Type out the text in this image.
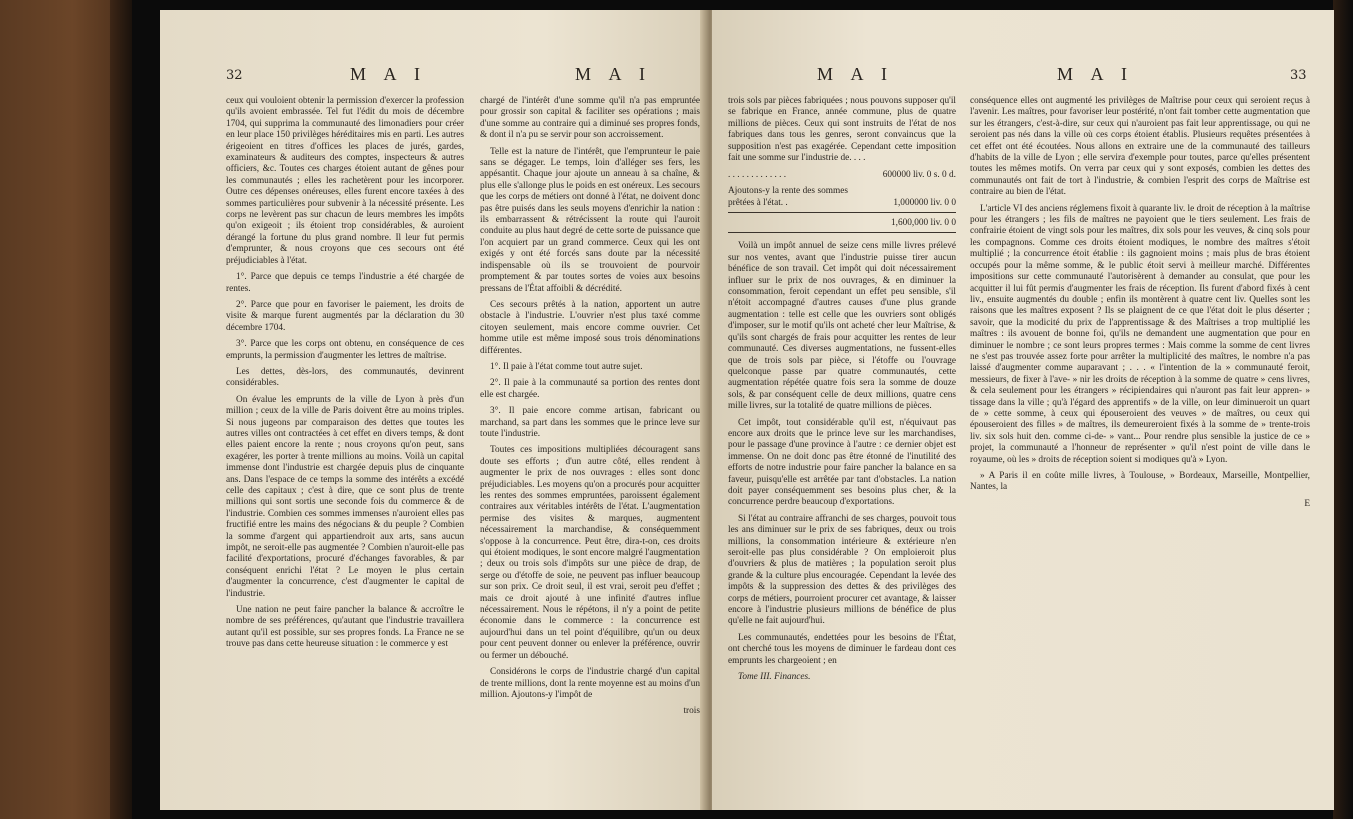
32	M A I	M A I

ceux qui vouloient obtenir la permission d'exercer la profession qu'ils avoient embrassée. Tel fut l'édit du mois de décembre 1704, qui supprima la communauté des limonadiers pour créer en leur place 150 privilèges héréditaires mis en parti. Les autres érigeoient en titres d'offices les places de jurés, gardes, examinateurs & auditeurs des comptes, inspecteurs & autres officiers, &c. Toutes ces charges étoient autant de gênes pour les communautés ; elles les rachetèrent pour les incorporer. Outre ces dépenses onéreuses, elles furent encore taxées à des sommes particulières pour subvenir à la nécessité présente. Les corps ne levèrent pas sur chacun de leurs membres les impôts qu'on exigeoit ; ils étoient trop considérables, & auroient dérangé la fortune du plus grand nombre. Il leur fut permis d'emprunter, & nous croyons que ces secours ont été préjudiciables à l'état.

1°. Parce que depuis ce temps l'industrie a été chargée de rentes.

2°. Parce que pour en favoriser le paiement, les droits de visite & marque furent augmentés par la déclaration du 30 décembre 1704.

3°. Parce que les corps ont obtenu, en conséquence de ces emprunts, la permission d'augmenter les lettres de maîtrise.

Les dettes, dès-lors, des communautés, devinrent considérables.

On évalue les emprunts de la ville de Lyon à près d'un million ; ceux de la ville de Paris doivent être au moins triples. Si nous jugeons par comparaison des dettes que toutes les autres villes ont contractées à cet effet en divers temps, & dont elles paient encore la rente ; nous croyons qu'on peut, sans exagérer, les porter à trente millions au moins. Voilà un capital immense dont l'industrie est chargée depuis plus de cinquante ans. Dans l'espace de ce temps la somme des intérêts a excédé celle des capitaux ; c'est à dire, que ce sont plus de trente millions qui sont sortis une seconde fois du commerce & de l'industrie. Combien ces sommes immenses n'auroient elles pas fructifié entre les mains des négocians & du peuple ? Combien la somme d'argent qui appartiendroit aux arts, sans aucun impôt, ne seroit-elle pas augmentée ? Combien n'auroit-elle pas facilité d'exportations, procuré d'échanges favorables, & par conséquent enrichi l'état ? Le moyen le plus certain d'augmenter la concurrence, c'est d'augmenter le capital de l'industrie.

Une nation ne peut faire pancher la balance & accroître le nombre de ses préférences, qu'autant que l'industrie travaillera autant qu'il est possible, sur ses propres fonds. La France ne se trouve pas dans cette heureuse situation : le commerce y est

chargé de l'intérêt d'une somme qu'il n'a pas empruntée pour grossir son capital & faciliter ses opérations ; mais d'une somme au contraire qui a diminué ses propres fonds, & dont il n'a pu se servir pour son accroissement.

Telle est la nature de l'intérêt, que l'emprunteur le paie sans se dégager. Le temps, loin d'alléger ses fers, les appésantit. Chaque jour ajoute un anneau à sa chaîne, & plus elle s'allonge plus le poids en est onéreux. Les secours que les corps de métiers ont donné à l'état, ne doivent donc pas être puisés dans les seuls moyens d'enrichir la nation : ils embarrassent & rétrécissent la route qui l'auroit conduite au plus haut degré de cette sorte de puissance que l'on acquiert par un grand commerce. Ceux qui les ont exigés y ont été forcés sans doute par la nécessité indispensable où ils se trouvoient de pourvoir promptement & par toutes sortes de voies aux besoins pressans de l'État affoibli & décrédité.

Ces secours prêtés à la nation, apportent un autre obstacle à l'industrie. L'ouvrier n'est plus taxé comme citoyen seulement, mais encore comme ouvrier. Cet homme utile est même imposé sous trois dénominations différentes.

1°. Il paie à l'état comme tout autre sujet.

2°. Il paie à la communauté sa portion des rentes dont elle est chargée.

3°. Il paie encore comme artisan, fabricant ou marchand, sa part dans les sommes que le prince leve sur toute l'industrie.

Toutes ces impositions multipliées découragent sans doute ses efforts ; d'un autre côté, elles rendent à augmenter le prix de nos ouvrages : elles sont donc préjudiciables. Les moyens qu'on a procurés pour acquitter les rentes des sommes empruntées, paroissent également contraires aux véritables intérêts de l'état. L'augmentation permise des visites & marques, augmentent nécessairement la marchandise, & conséquemment s'oppose à la concurrence. Peut être, dira-t-on, ces droits qui étoient modiques, le sont encore malgré l'augmentation ; deux ou trois sols d'impôts sur une pièce de drap, de serge ou d'étoffe de soie, ne peuvent pas influer beaucoup sur son prix. Ce droit seul, il est vrai, seroit peu d'effet ; mais ce droit ajouté à une infinité d'autres influe nécessairement. Nous le répétons, il n'y a point de petite économie dans le commerce : la concurrence est aujourd'hui dans un tel point d'équilibre, qu'un ou deux pour cent peuvent donner ou enlever la préférence, ouvrir ou fermer un débouché.

Considérons le corps de l'industrie chargé d'un capital de trente millions, dont la rente moyenne est au moins d'un million. Ajoutons-y l'impôt de

trois
M A I	M A I	33

trois sols par pièces fabriquées ; nous pouvons supposer qu'il se fabrique en France, année commune, plus de quatre millions de pièces. Ceux qui sont instruits de l'état de nos fabriques dans tous les genres, seront convaincus que la supposition n'est pas exagérée. Cependant cette imposition fait une somme sur l'industrie de. . . .

. . . . . . . . . . . . .	600000 liv. 0 s. 0 d.
Ajoutons-y la rente des sommes prêtées à l'état. .	1,000000 liv. 0 0
1,600,000 liv. 0 0

Voilà un impôt annuel de seize cens mille livres prélevé sur nos ventes, avant que l'industrie puisse tirer aucun bénéfice de son travail. Cet impôt qui doit nécessairement influer sur le prix de nos ouvrages, & en diminuer la consommation, feroit cependant un effet peu sensible, s'il n'étoit accompagné d'autres causes d'une plus grande augmentation : telle est celle que les ouvriers sont obligés d'imposer, sur le motif qu'ils ont acheté cher leur Maîtrise, & qu'ils sont chargés de frais pour acquitter les rentes de leur communauté. Ces diverses augmentations, ne fussent-elles que de trois sols par pièce, si l'étoffe ou l'ouvrage quelconque passe par quatre communautés, cette augmentation répétée quatre fois sera la somme de douze sols, & par conséquent celle de deux millions, quatre cens mille livres, sur la totalité de quatre millions de pièces.

Cet impôt, tout considérable qu'il est, n'équivaut pas encore aux droits que le prince leve sur les marchandises, pour le passage d'une province à l'autre : ce dernier objet est immense. On ne doit donc pas être étonné de l'inutilité des efforts de notre industrie pour faire pancher la balance en sa faveur, puisqu'elle est arrêtée par tant d'obstacles. La nation doit payer conséquemment ses besoins plus cher, & la concurrence perdre beaucoup d'exportations.

Si l'état au contraire affranchi de ses charges, pouvoit tous les ans diminuer sur le prix de ses fabriques, deux ou trois millions, la consommation intérieure & extérieure n'en seroit-elle pas plus considérable ? On emploieroit plus d'ouvriers & plus de matières ; la population seroit plus grande & la culture plus encouragée. Cependant la levée des impôts & la suppression des dettes & des privilèges des corps de métiers, pourroient procurer cet avantage, & laisser encore à l'industrie plusieurs millions de bénéfice de plus qu'elle ne fait aujourd'hui.

Les communautés, endettées pour les besoins de l'État, ont cherché tous les moyens de diminuer le fardeau dont ces emprunts les chargeoient ; en

Tome III. Finances.

conséquence elles ont augmenté les privilèges de Maîtrise pour ceux qui seroient reçus à l'avenir. Les maîtres, pour favoriser leur postérité, n'ont fait tomber cette augmentation que sur les étrangers, c'est-à-dire, sur ceux qui n'auroient pas fait leur apprentissage, ou qui ne seroient pas nés dans la ville où ces corps étoient établis. Plusieurs requêtes présentées à cet effet ont été écoutées. Nous allons en extraire une de la communauté des tailleurs d'habits de la ville de Lyon ; elle servira d'exemple pour toutes, parce qu'elles présentent toutes les mêmes motifs. On verra par ceux qui y sont exposés, combien les dettes des communautés ont fait de tort à l'industrie, & combien l'esprit des corps de Maîtrise est contraire au bien de l'état.

L'article VI des anciens réglemens fixoit à quarante liv. le droit de réception à la maîtrise pour les étrangers ; les fils de maîtres ne payoient que le tiers seulement. Les frais de confrairie étoient de vingt sols pour les maîtres, dix sols pour les veuves, & cinq sols pour les compagnons. Comme ces droits étoient modiques, le nombre des maîtres s'étoit multiplié ; la concurrence étoit établie : ils gagnoient moins ; mais plus de bras étoient occupés pour la même somme, & le public étoit servi à meilleur marché. Différentes impositions sur cette communauté l'autorisèrent à demander au consulat, que pour les acquitter il lui fût permis d'augmenter les frais de réception. Ils furent d'abord fixés à cent liv., ensuite augmentés du double ; enfin ils montèrent à quatre cent liv. Quelles sont les raisons que les maîtres exposent ? Ils se plaignent de ce que l'état doit le plus déserter ; savoir, que la modicité du prix de l'apprentissage & des Maîtrises a trop multiplié les maîtres : ils avouent de bonne foi, qu'ils ne demandent une augmentation que pour en diminuer le nombre ; ce sont leurs propres termes : Mais comme la somme de cent livres ne s'est pas trouvée assez forte pour arrêter la multiplicité des maîtres, le nombre n'a pas laissé d'augmenter comme auparavant ; . . . « l'intention de la » communauté feroit, messieurs, de fixer à l'ave- » nir les droits de réception à la somme de quatre » cens livres, & cela seulement pour les étrangers » récipiendaires qui n'auront pas fait leur appren- » tissage dans la ville ; qu'à l'égard des apprentifs » de la ville, on leur diminueroit un quart de » cette somme, à ceux qui épouseroient des veuves » de maîtres, ou ceux qui épouseroient des filles » de maîtres, ils demeureroient fixés à la somme de » trente-trois liv. six sols huit den. comme ci-de- » vant... Pour rendre plus sensible la justice de ce » projet, la communauté a l'honneur de représenter » qu'il n'est point de ville dans le royaume, où les » droits de réception soient si modiques qu'à » Lyon.

» A Paris il en coûte mille livres, à Toulouse, » Bordeaux, Marseille, Montpellier, Nantes, la

E
